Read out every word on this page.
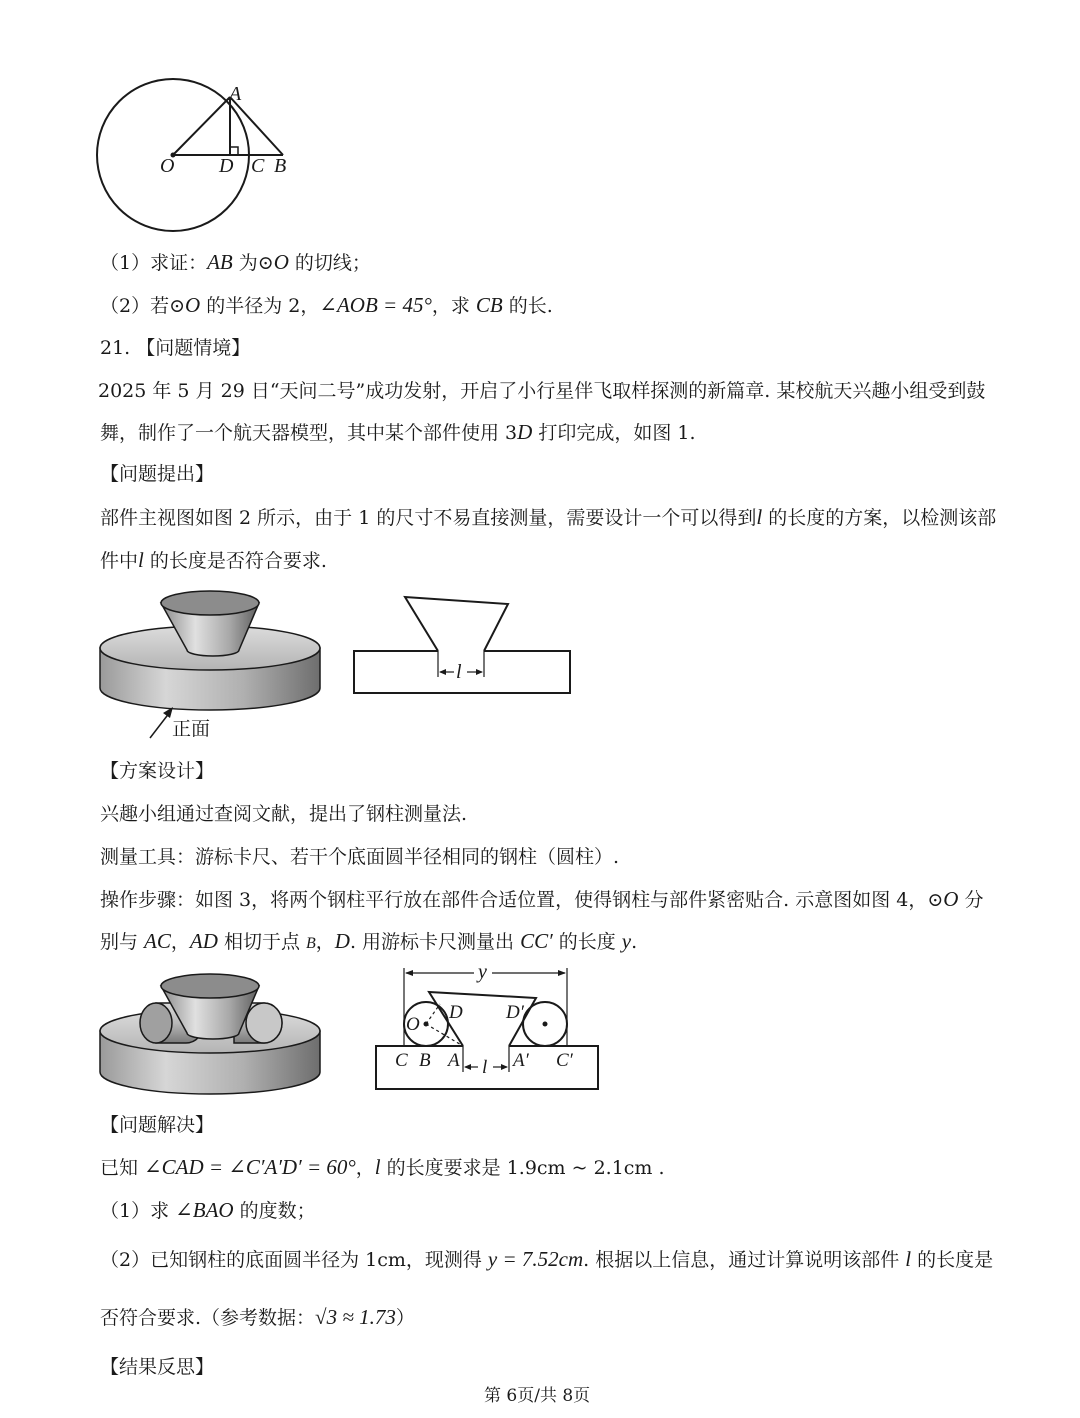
A
O D C B
（1）求证：AB 为⊙O 的切线；
（2）若⊙O 的半径为 2，∠AOB = 45°，求 CB 的长.
21. 【问题情境】
2025 年 5 月 29 日“天问二号”成功发射，开启了小行星伴飞取样探测的新篇章. 某校航天兴趣小组受到鼓
舞，制作了一个航天器模型，其中某个部件使用 3D 打印完成，如图 1.
【问题提出】
部件主视图如图 2 所示，由于 1 的尺寸不易直接测量，需要设计一个可以得到l 的长度的方案，以检测该部
件中l 的长度是否符合要求.
l
正面
【方案设计】
兴趣小组通过查阅文献，提出了钢柱测量法.
测量工具：游标卡尺、若干个底面圆半径相同的钢柱（圆柱）.
操作步骤：如图 3，将两个钢柱平行放在部件合适位置，使得钢柱与部件紧密贴合. 示意图如图 4，⊙O 分
别与 AC，AD 相切于点 B，D. 用游标卡尺测量出 CC′ 的长度 y.
y
O
D D′
C B A l A′ C′
【问题解决】
已知 ∠CAD = ∠C′A′D′ = 60°，l 的长度要求是 1.9cm ~ 2.1cm .
（1）求 ∠BAO 的度数；
（2）已知钢柱的底面圆半径为 1cm，现测得 y = 7.52cm. 根据以上信息，通过计算说明该部件 l 的长度是
否符合要求.（参考数据：√3 ≈ 1.73）
【结果反思】
第 6页/共 8页
